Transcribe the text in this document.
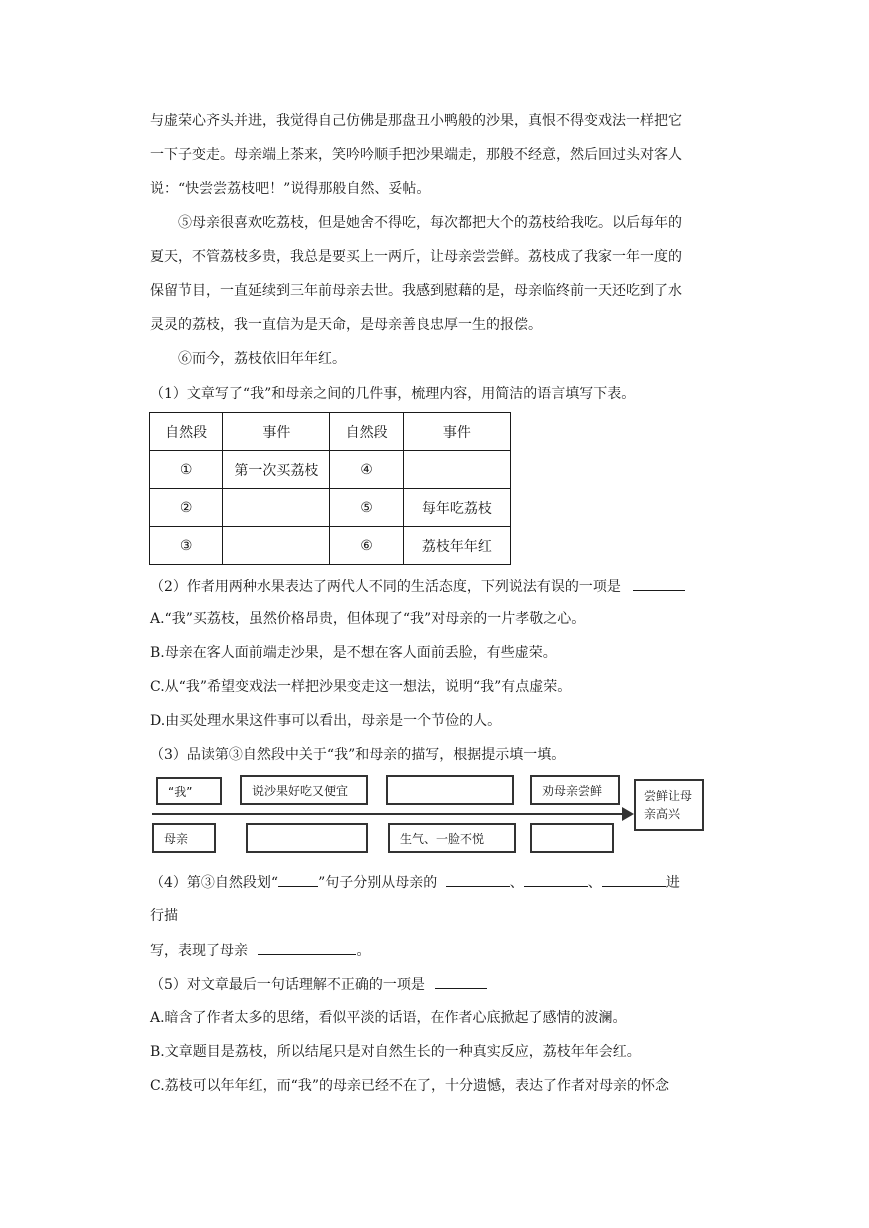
与虚荣心齐头并进，我觉得自己仿佛是那盘丑小鸭般的沙果，真恨不得变戏法一样把它
一下子变走。母亲端上茶来，笑吟吟顺手把沙果端走，那般不经意，然后回过头对客人
说：“快尝尝荔枝吧！”说得那般自然、妥帖。
⑤母亲很喜欢吃荔枝，但是她舍不得吃，每次都把大个的荔枝给我吃。以后每年的
夏天，不管荔枝多贵，我总是要买上一两斤，让母亲尝尝鲜。荔枝成了我家一年一度的
保留节目，一直延续到三年前母亲去世。我感到慰藉的是，母亲临终前一天还吃到了水
灵灵的荔枝，我一直信为是天命，是母亲善良忠厚一生的报偿。
⑥而今，荔枝依旧年年红。
（1）文章写了“我”和母亲之间的几件事，梳理内容，用简洁的语言填写下表。
自然段	事件	自然段	事件
①	第一次买荔枝	④	
②		⑤	每年吃荔枝
③		⑥	荔枝年年红
（2）作者用两种水果表达了两代人不同的生活态度，下列说法有误的一项是
A.“我”买荔枝，虽然价格昂贵，但体现了“我”对母亲的一片孝敬之心。
B.母亲在客人面前端走沙果，是不想在客人面前丢脸，有些虚荣。
C.从“我”希望变戏法一样把沙果变走这一想法，说明“我”有点虚荣。
D.由买处理水果这件事可以看出，母亲是一个节俭的人。
（3）品读第③自然段中关于“我”和母亲的描写，根据提示填一填。
“我”	说沙果好吃又便宜	劝母亲尝鲜	尝鲜让母亲高兴
母亲	生气、一脸不悦
（4）第③自然段划“	”句子分别从母亲的	、	、	进
行描
写，表现了母亲	。
（5）对文章最后一句话理解不正确的一项是
A.暗含了作者太多的思绪，看似平淡的话语，在作者心底掀起了感情的波澜。
B.文章题目是荔枝，所以结尾只是对自然生长的一种真实反应，荔枝年年会红。
C.荔枝可以年年红，而“我”的母亲已经不在了，十分遗憾，表达了作者对母亲的怀念
